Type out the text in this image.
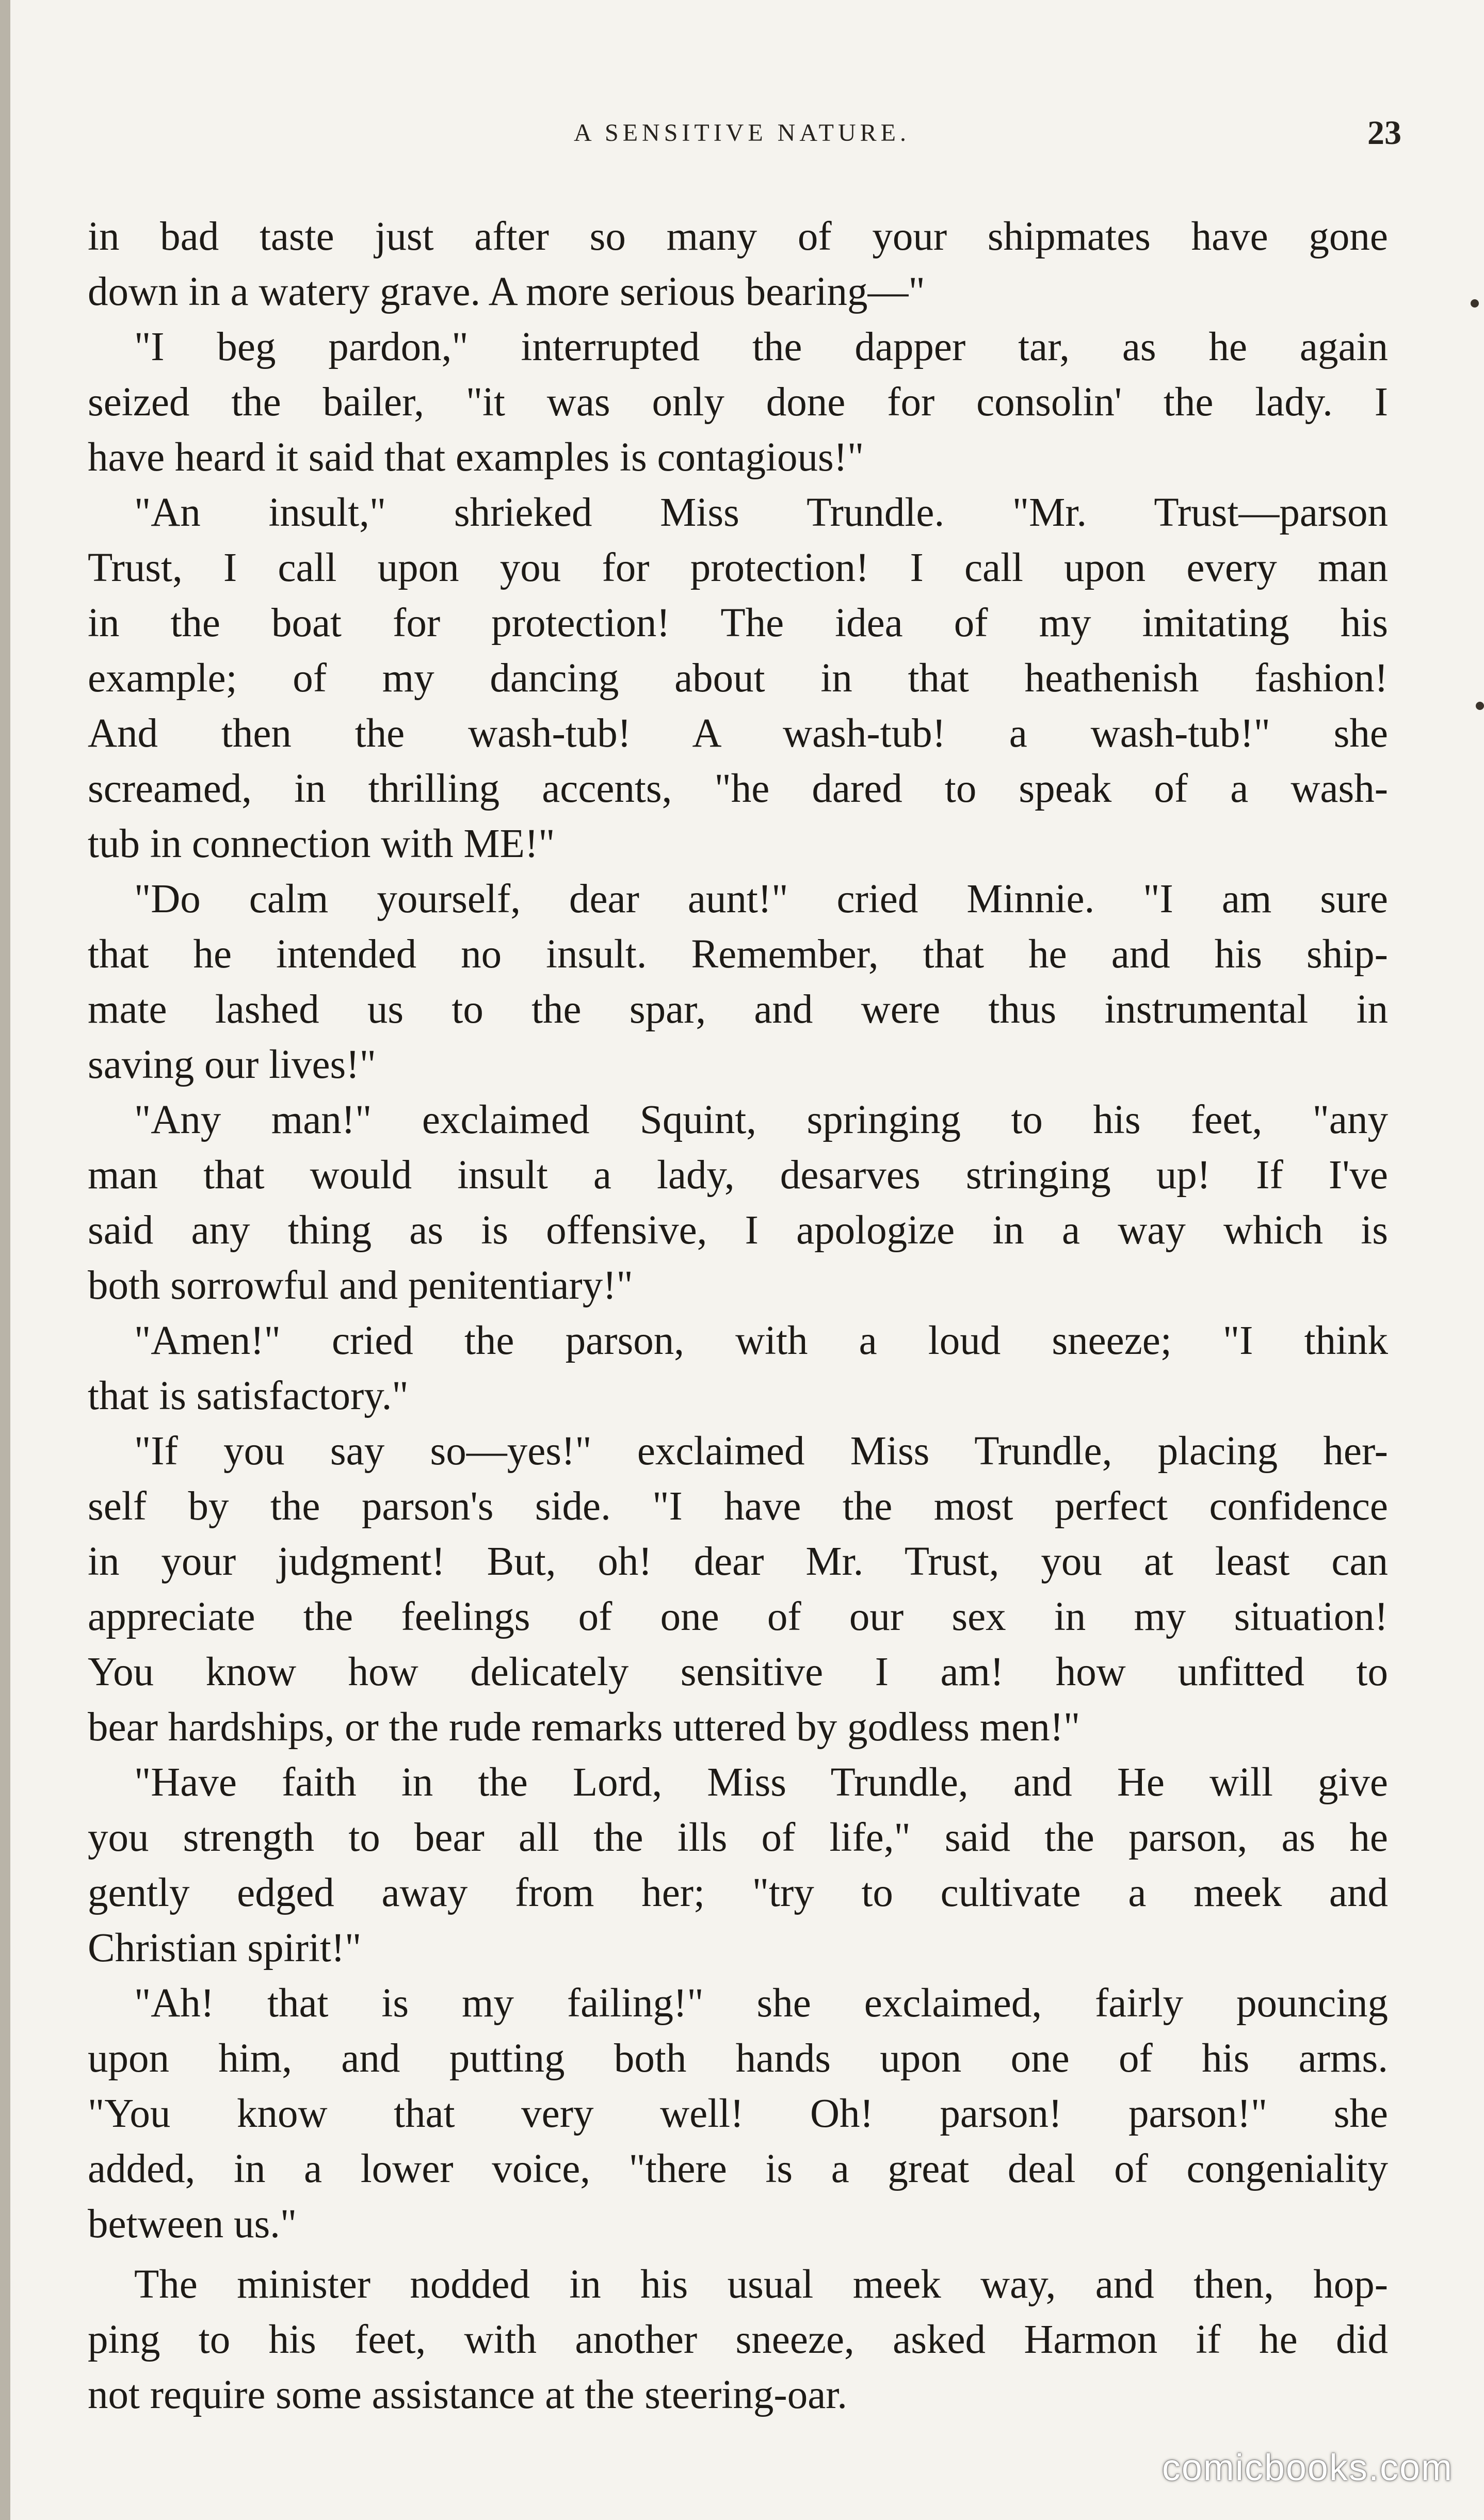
A SENSITIVE NATURE.	23
in bad taste just after so many of your shipmates have gone
down in a watery grave. A more serious bearing—"
"I beg pardon," interrupted the dapper tar, as he again
seized the bailer, "it was only done for consolin' the lady. I
have heard it said that examples is contagious!"
"An insult," shrieked Miss Trundle. "Mr. Trust—parson
Trust, I call upon you for protection! I call upon every man
in the boat for protection! The idea of my imitating his
example; of my dancing about in that heathenish fashion!
And then the wash-tub! A wash-tub! a wash-tub!" she
screamed, in thrilling accents, "he dared to speak of a wash-
tub in connection with ME!"
"Do calm yourself, dear aunt!" cried Minnie. "I am sure
that he intended no insult. Remember, that he and his ship-
mate lashed us to the spar, and were thus instrumental in
saving our lives!"
"Any man!" exclaimed Squint, springing to his feet, "any
man that would insult a lady, desarves stringing up! If I've
said any thing as is offensive, I apologize in a way which is
both sorrowful and penitentiary!"
"Amen!" cried the parson, with a loud sneeze; "I think
that is satisfactory."
"If you say so—yes!" exclaimed Miss Trundle, placing her-
self by the parson's side. "I have the most perfect confidence
in your judgment! But, oh! dear Mr. Trust, you at least can
appreciate the feelings of one of our sex in my situation!
You know how delicately sensitive I am! how unfitted to
bear hardships, or the rude remarks uttered by godless men!"
"Have faith in the Lord, Miss Trundle, and He will give
you strength to bear all the ills of life," said the parson, as he
gently edged away from her; "try to cultivate a meek and
Christian spirit!"
"Ah! that is my failing!" she exclaimed, fairly pouncing
upon him, and putting both hands upon one of his arms.
"You know that very well! Oh! parson! parson!" she
added, in a lower voice, "there is a great deal of congeniality
between us."
The minister nodded in his usual meek way, and then, hop-
ping to his feet, with another sneeze, asked Harmon if he did
not require some assistance at the steering-oar.
comicbooks.com
